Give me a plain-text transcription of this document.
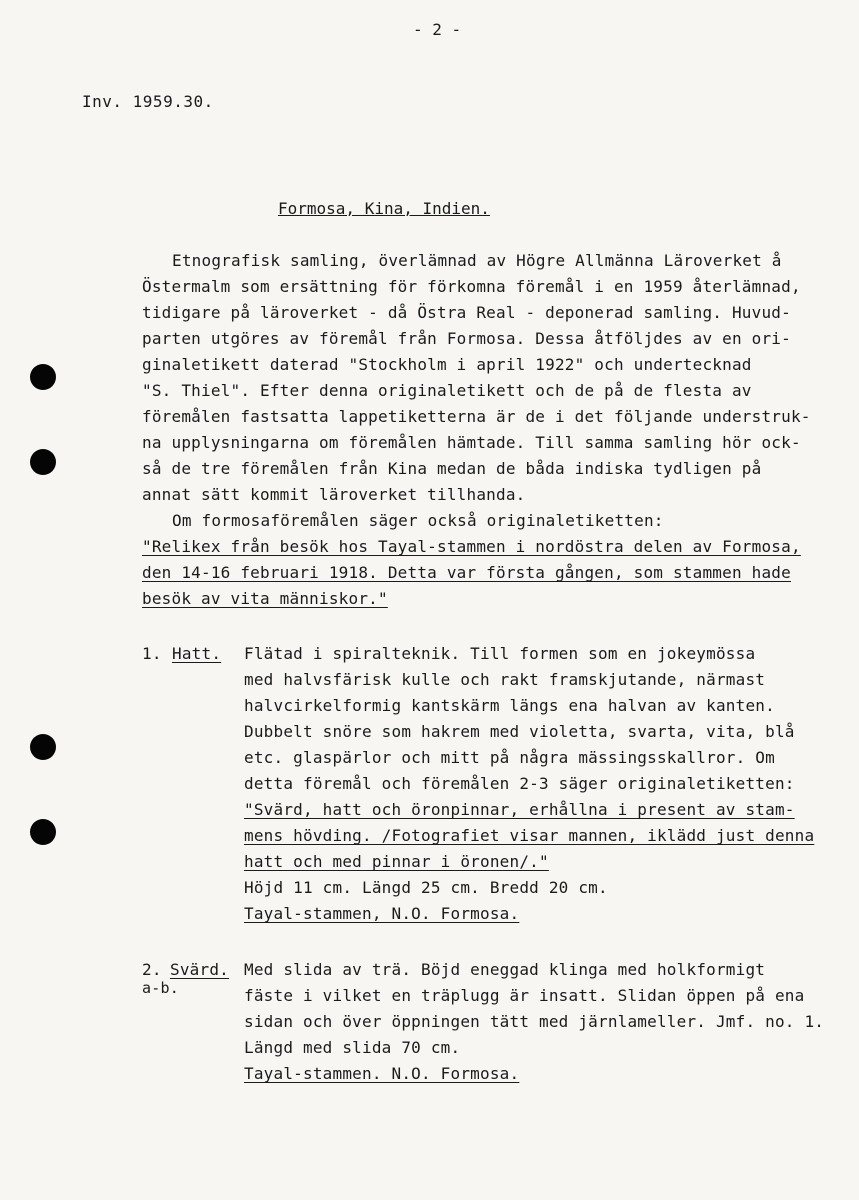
- 2 -
Inv. 1959.30.
Formosa, Kina, Indien.
Etnografisk samling, överlämnad av Högre Allmänna Läroverket å
Östermalm som ersättning för förkomna föremål i en 1959 återlämnad,
tidigare på läroverket - då Östra Real - deponerad samling. Huvud-
parten utgöres av föremål från Formosa. Dessa åtföljdes av en ori-
ginaletikett daterad "Stockholm i april 1922" och undertecknad
"S. Thiel". Efter denna originaletikett och de på de flesta av
föremålen fastsatta lappetiketterna är de i det följande understruk-
na upplysningarna om föremålen hämtade. Till samma samling hör ock-
så de tre föremålen från Kina medan de båda indiska tydligen på
annat sätt kommit läroverket tillhanda.
Om formosaföremålen säger också originaletiketten:
"Relikex från besök hos Tayal-stammen i nordöstra delen av Formosa,
den 14-16 februari 1918. Detta var första gången, som stammen hade
besök av vita människor."
1. Hatt. Flätad i spiralteknik. Till formen som en jokeymössa
med halvsfärisk kulle och rakt framskjutande, närmast
halvcirkelformig kantskärm längs ena halvan av kanten.
Dubbelt snöre som hakrem med violetta, svarta, vita, blå
etc. glaspärlor och mitt på några mässingsskallror. Om
detta föremål och föremålen 2-3 säger originaletiketten:
"Svärd, hatt och öronpinnar, erhållna i present av stam-
mens hövding. /Fotografiet visar mannen, iklädd just denna
hatt och med pinnar i öronen/."
Höjd 11 cm. Längd 25 cm. Bredd 20 cm.
Tayal-stammen, N.O. Formosa.
2. Svärd.
a-b.
Med slida av trä. Böjd eneggad klinga med holkformigt
fäste i vilket en träplugg är insatt. Slidan öppen på ena
sidan och över öppningen tätt med järnlameller. Jmf. no. 1.
Längd med slida 70 cm.
Tayal-stammen. N.O. Formosa.
